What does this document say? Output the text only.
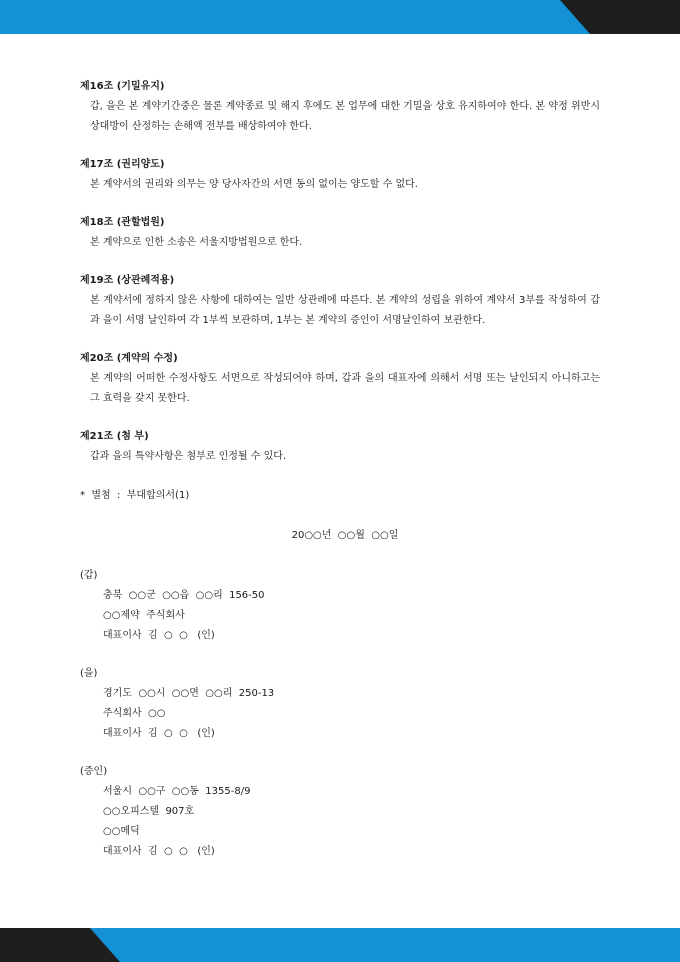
제16조 (기밀유지)

갑, 을은 본 계약기간중은 물론 계약종료 및 해지 후에도 본 업무에 대한 기밀을 상호 유지하여야 한다. 본 약정 위반시 상대방이 산정하는 손해액 전부를 배상하여야 한다.

제17조 (권리양도)

본 계약서의 권리와 의무는 양 당사자간의 서면 동의 없이는 양도할 수 없다.

제18조 (관할법원)

본 계약으로 인한 소송은 서울지방법원으로 한다.

제19조 (상관례적용)

본 계약서에 정하지 않은 사항에 대하여는 일반 상관례에 따른다. 본 계약의 성립을 위하여 계약서 3부를 작성하여 갑과 을이 서명 날인하여 각 1부씩 보관하며, 1부는 본 계약의 증인이 서명날인하여 보관한다.

제20조 (계약의 수정)

본 계약의 어떠한 수정사항도 서면으로 작성되어야 하며, 갑과 을의 대표자에 의해서 서명 또는 날인되지 아니하고는 그 효력을 갖지 못한다.

제21조 (첨 부)

갑과 을의 특약사항은 첨부로 인정될 수 있다.

*  별첨  :  부대합의서(1)

20○○년  ○○월  ○○일

(갑)

충북  ○○군  ○○읍  ○○리  156-50

○○제약  주식회사

대표이사  김  ○  ○   (인)

(을)

경기도  ○○시  ○○면  ○○리  250-13

주식회사  ○○

대표이사  김  ○  ○   (인)

(증인)

서울시  ○○구  ○○동  1355-8/9

○○오피스텔  907호

○○메딕

대표이사  김  ○  ○   (인)
